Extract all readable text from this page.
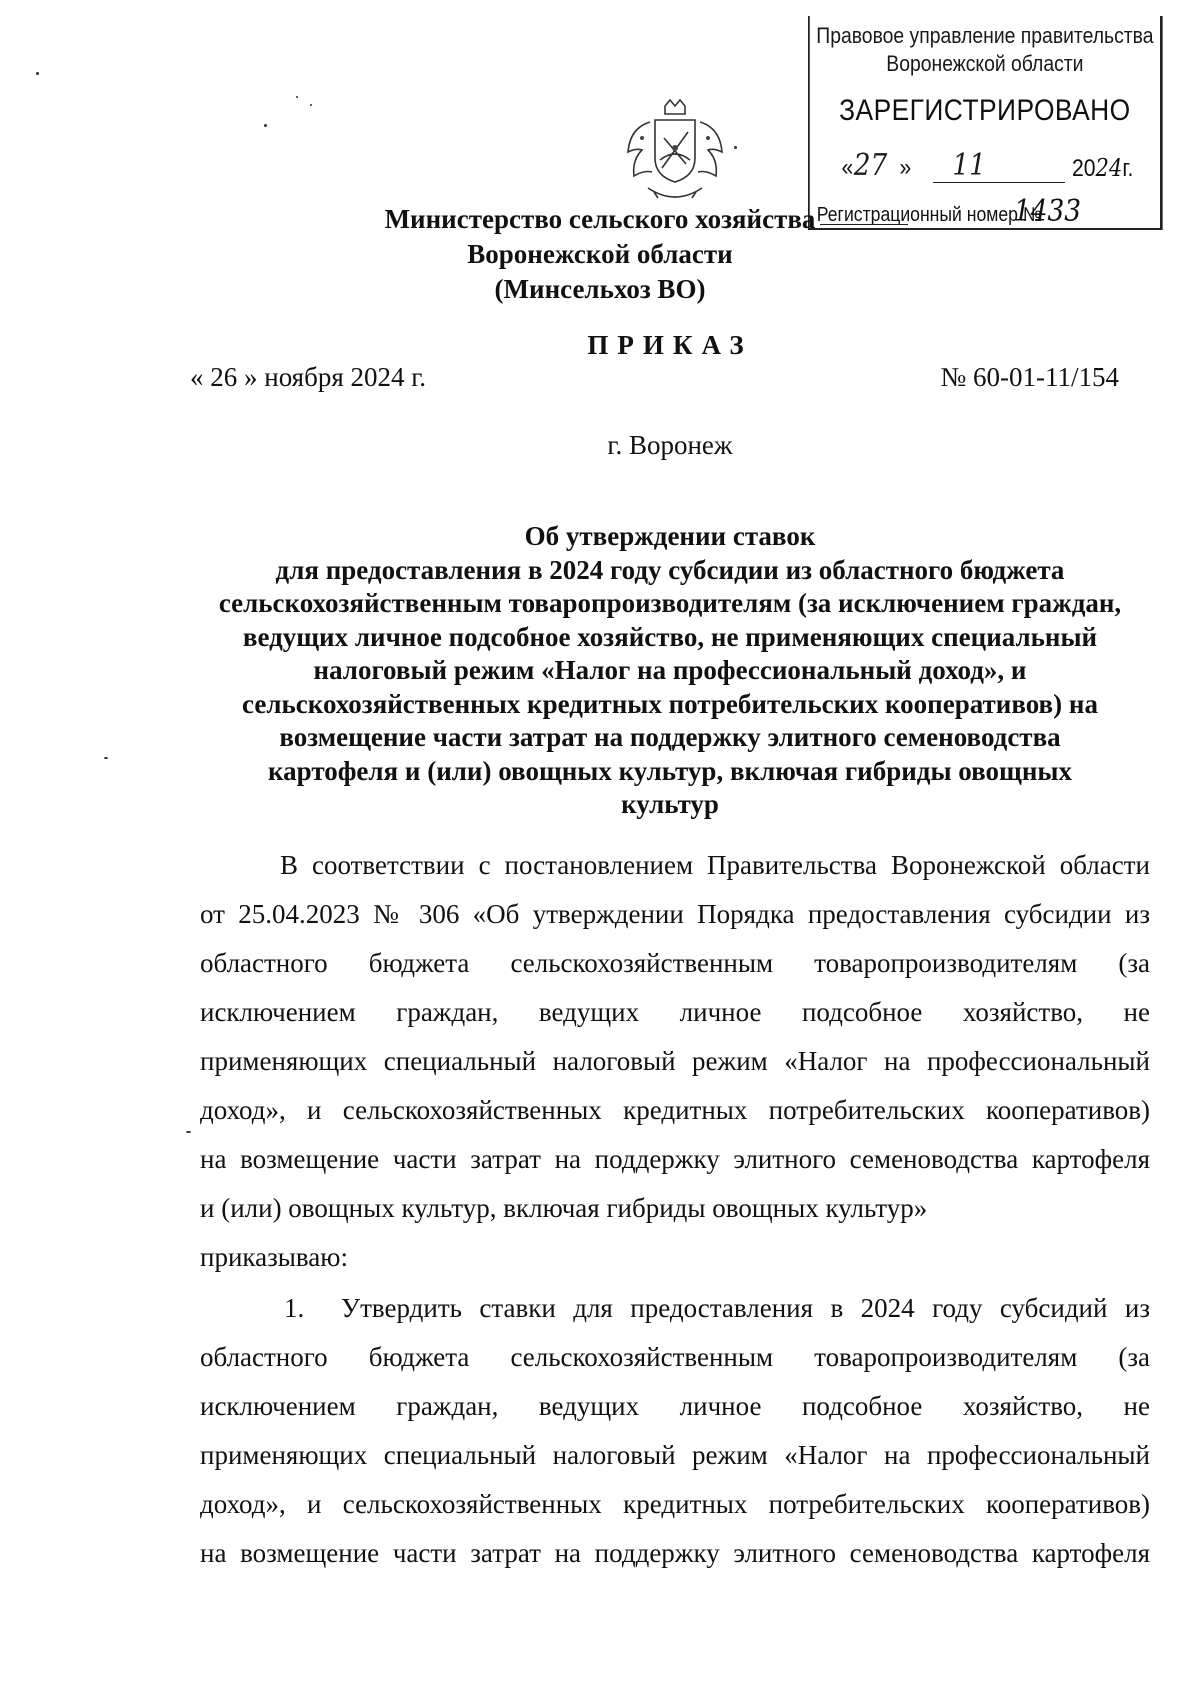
Правовое управление правительства
Воронежской области
ЗАРЕГИСТРИРОВАНО
« 27 » 11	2024г.
Регистрационный номер №
1433
Министерство сельского хозяйства
Воронежской области
(Минсельхоз ВО)
ПРИКАЗ
« 26 » ноября 2024 г.	№ 60-01-11/154
г. Воронеж
Об утверждении ставок
для предоставления в 2024 году субсидии из областного бюджета
сельскохозяйственным товаропроизводителям (за исключением граждан,
ведущих личное подсобное хозяйство, не применяющих специальный
налоговый режим «Налог на профессиональный доход», и
сельскохозяйственных кредитных потребительских кооперативов) на
возмещение части затрат на поддержку элитного семеноводства
картофеля и (или) овощных культур, включая гибриды овощных
культур
В соответствии с постановлением Правительства Воронежской области
от 25.04.2023 № 306 «Об утверждении Порядка предоставления субсидии из
областного бюджета сельскохозяйственным товаропроизводителям (за
исключением граждан, ведущих личное подсобное хозяйство, не
применяющих специальный налоговый режим «Налог на профессиональный
доход», и сельскохозяйственных кредитных потребительских кооперативов)
на возмещение части затрат на поддержку элитного семеноводства картофеля
и (или) овощных культур, включая гибриды овощных культур»
приказываю:
1. Утвердить ставки для предоставления в 2024 году субсидий из
областного бюджета сельскохозяйственным товаропроизводителям (за
исключением граждан, ведущих личное подсобное хозяйство, не
применяющих специальный налоговый режим «Налог на профессиональный
доход», и сельскохозяйственных кредитных потребительских кооперативов)
на возмещение части затрат на поддержку элитного семеноводства картофеля
